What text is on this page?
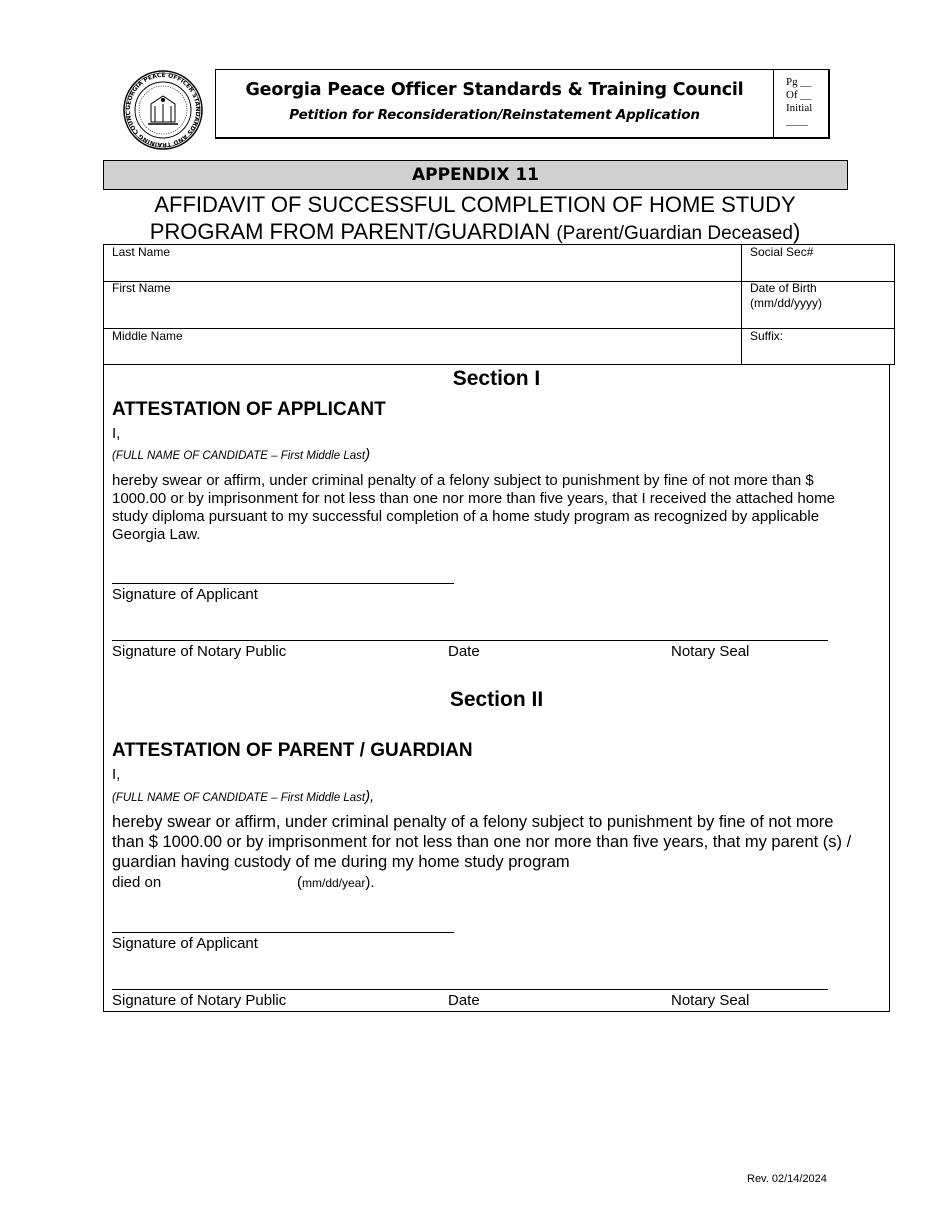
GEORGIA PEACE OFFICER STANDARDS AND TRAINING COUNC
Georgia Peace Officer Standards & Training Council
Petition for Reconsideration/Reinstatement Application
Pg __
Of __
Initial
____
APPENDIX 11
AFFIDAVIT OF SUCCESSFUL COMPLETION OF HOME STUDY
PROGRAM FROM PARENT/GUARDIAN (Parent/Guardian Deceased)
Last Name	Social Sec#
First Name	Date of Birth
(mm/dd/yyyy)
Middle Name	Suffix:
Section I
ATTESTATION OF APPLICANT
I,
(FULL NAME OF CANDIDATE – First Middle Last)
hereby swear or affirm, under criminal penalty of a felony subject to punishment by fine of not more than $ 1000.00 or by imprisonment for not less than one nor more than five years, that I received the attached home study diploma pursuant to my successful completion of a home study program as recognized by applicable Georgia Law.
Signature of Applicant
Signature of Notary Public	Date	Notary Seal
Section II
ATTESTATION OF PARENT / GUARDIAN
I,
(FULL NAME OF CANDIDATE – First Middle Last),
hereby swear or affirm, under criminal penalty of a felony subject to punishment by fine of not more than $ 1000.00 or by imprisonment for not less than one nor more than five years, that my parent (s) / guardian having custody of me during my home study program
died on	(mm/dd/year).
Signature of Applicant
Signature of Notary Public	Date	Notary Seal
Rev. 02/14/2024
